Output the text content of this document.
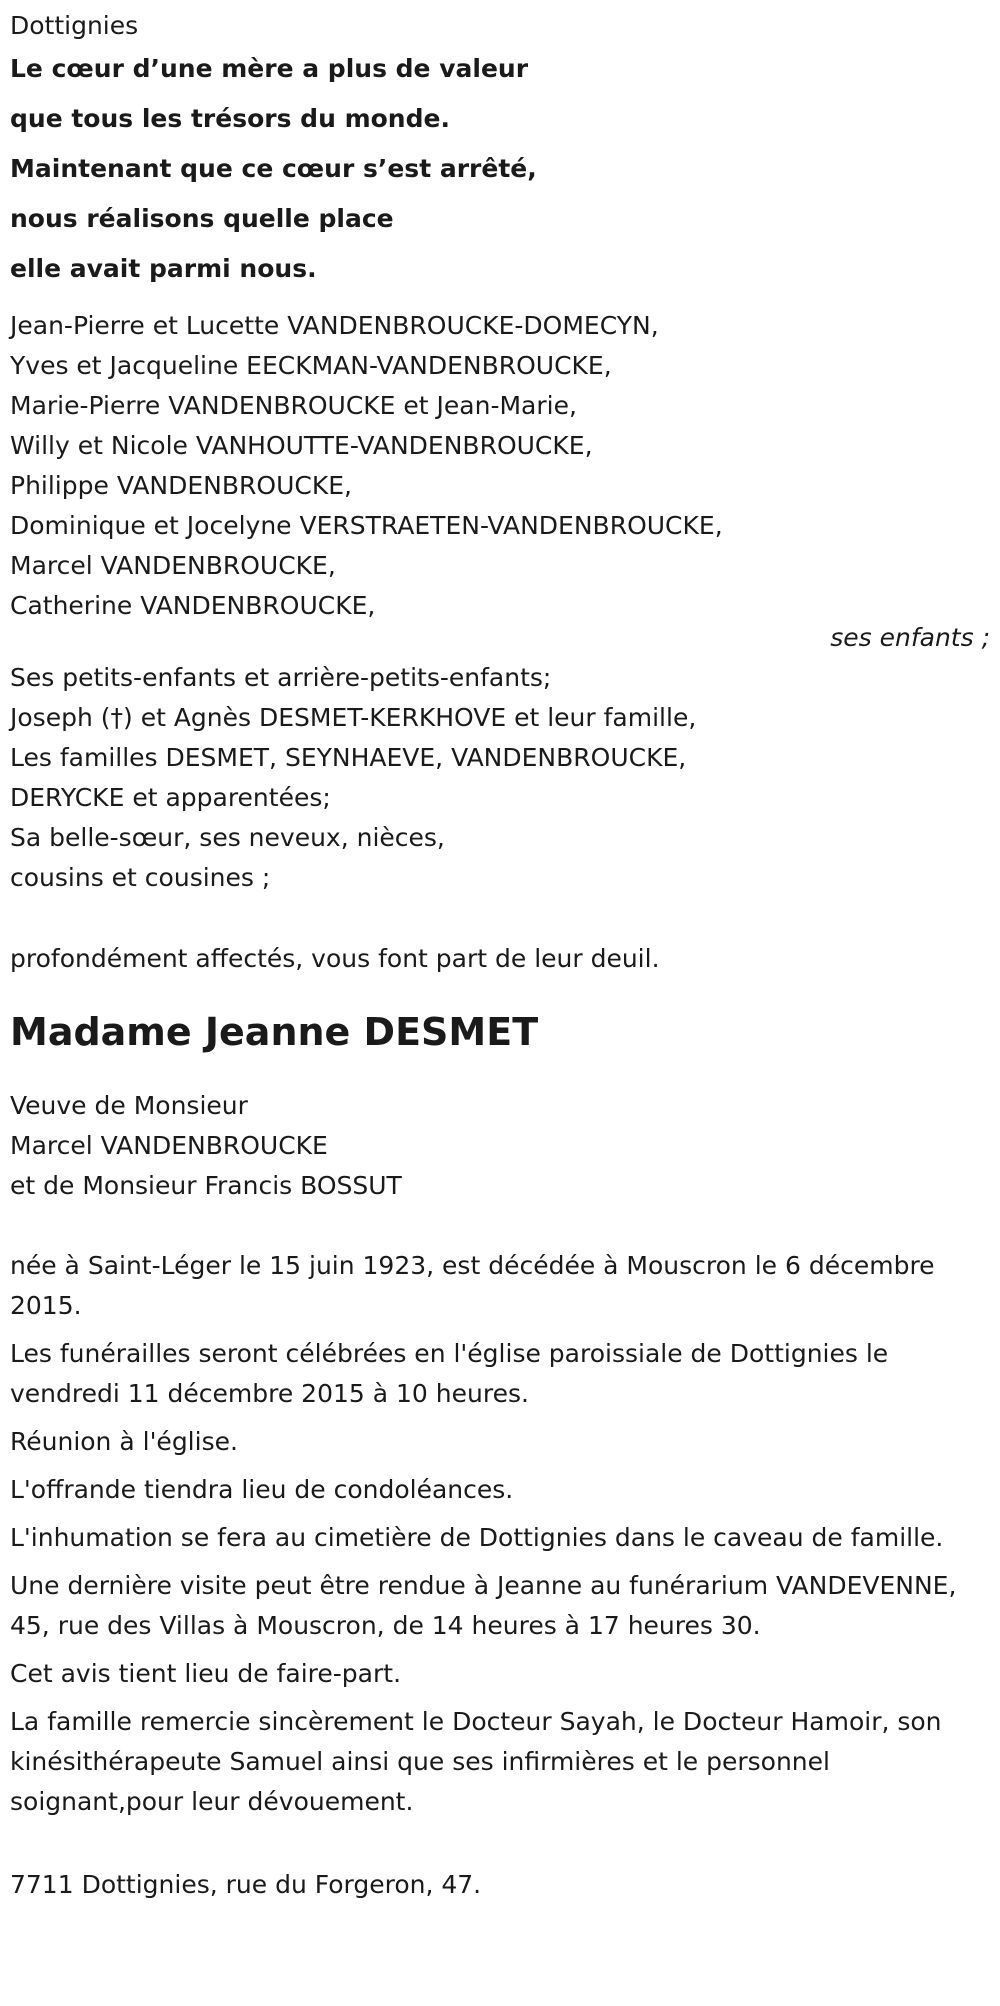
Dottignies
Le cœur d’une mère a plus de valeur
que tous les trésors du monde.
Maintenant que ce cœur s’est arrêté,
nous réalisons quelle place
elle avait parmi nous.
Jean-Pierre et Lucette VANDENBROUCKE-DOMECYN,
Yves et Jacqueline EECKMAN-VANDENBROUCKE,
Marie-Pierre VANDENBROUCKE et Jean-Marie,
Willy et Nicole VANHOUTTE-VANDENBROUCKE,
Philippe VANDENBROUCKE,
Dominique et Jocelyne VERSTRAETEN-VANDENBROUCKE,
Marcel VANDENBROUCKE,
Catherine VANDENBROUCKE,
ses enfants ;
Ses petits-enfants et arrière-petits-enfants;
Joseph (†) et Agnès DESMET-KERKHOVE et leur famille,
Les familles DESMET, SEYNHAEVE, VANDENBROUCKE,
DERYCKE et apparentées;
Sa belle-sœur, ses neveux, nièces,
cousins et cousines ;
profondément affectés, vous font part de leur deuil.
Madame Jeanne DESMET
Veuve de Monsieur
Marcel VANDENBROUCKE
et de Monsieur Francis BOSSUT
née à Saint-Léger le 15 juin 1923, est décédée à Mouscron le 6 décembre 2015.
Les funérailles seront célébrées en l'église paroissiale de Dottignies le vendredi 11 décembre 2015 à 10 heures.
Réunion à l'église.
L'offrande tiendra lieu de condoléances.
L'inhumation se fera au cimetière de Dottignies dans le caveau de famille.
Une dernière visite peut être rendue à Jeanne au funérarium VANDEVENNE, 45, rue des Villas à Mouscron, de 14 heures à 17 heures 30.
Cet avis tient lieu de faire-part.
La famille remercie sincèrement le Docteur Sayah, le Docteur Hamoir, son kinésithérapeute Samuel ainsi que ses infirmières et le personnel soignant,pour leur dévouement.
7711 Dottignies, rue du Forgeron, 47.
